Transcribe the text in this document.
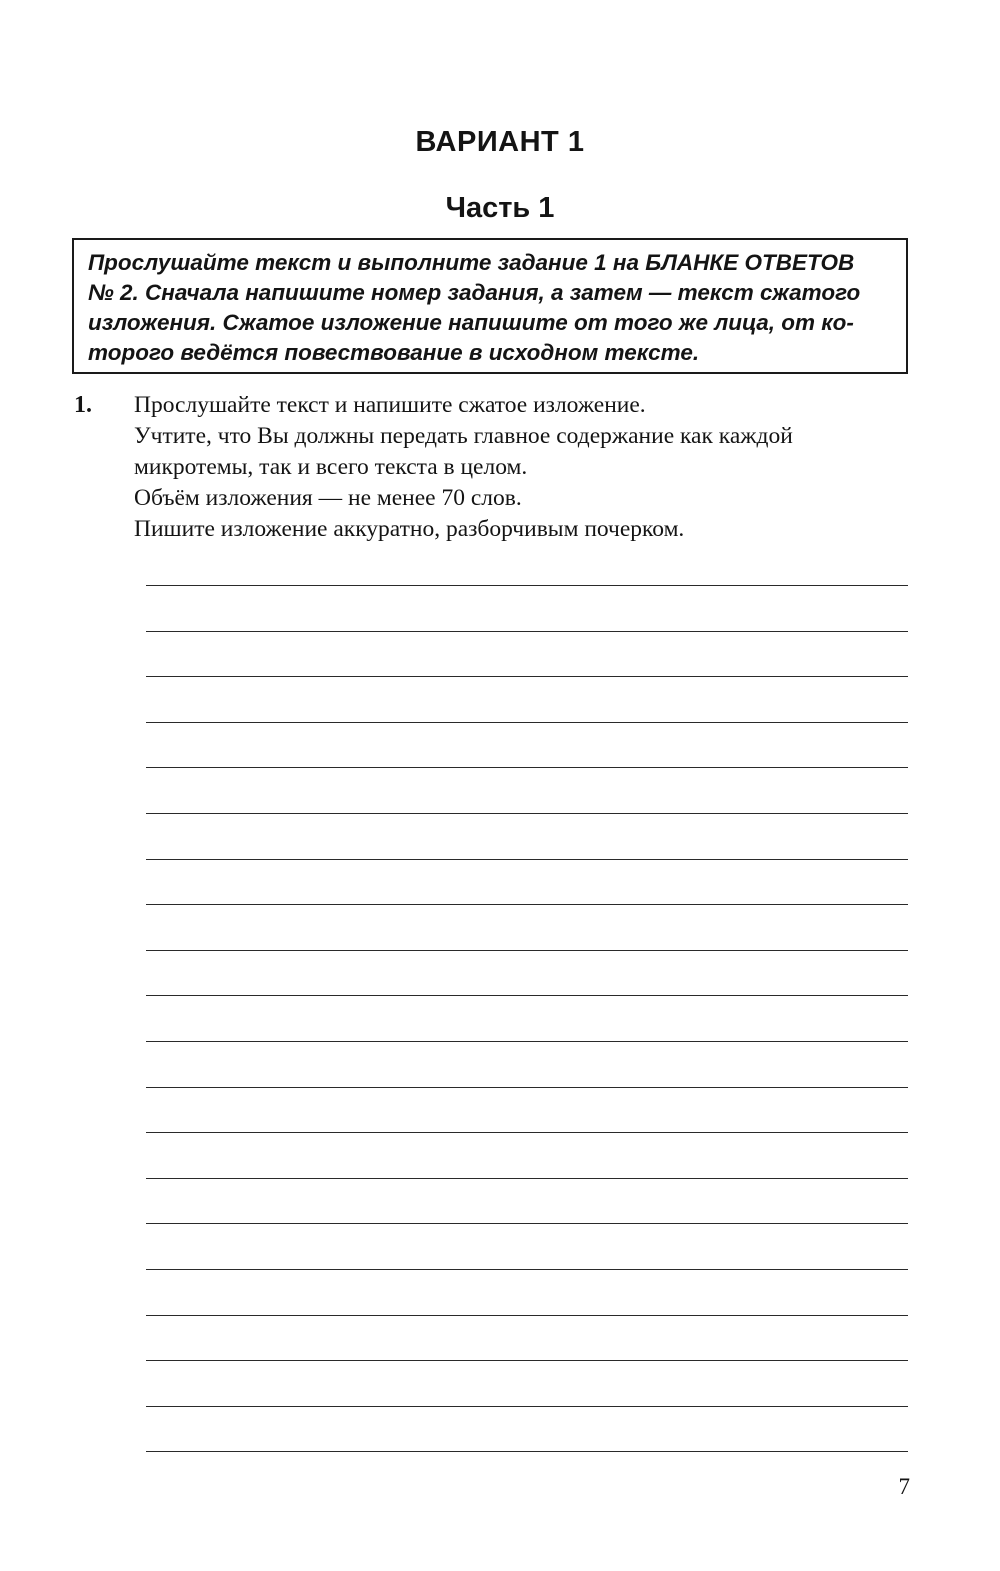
ВАРИАНТ 1
Часть 1
Прослушайте текст и выполните задание 1 на БЛАНКЕ ОТВЕТОВ
№ 2. Сначала напишите номер задания, а затем — текст сжатого
изложения. Сжатое изложение напишите от того же лица, от ко-
торого ведётся повествование в исходном тексте.
1. Прослушайте текст и напишите сжатое изложение.
Учтите, что Вы должны передать главное содержание как каждой
микротемы, так и всего текста в целом.
Объём изложения — не менее 70 слов.
Пишите изложение аккуратно, разборчивым почерком.
7
